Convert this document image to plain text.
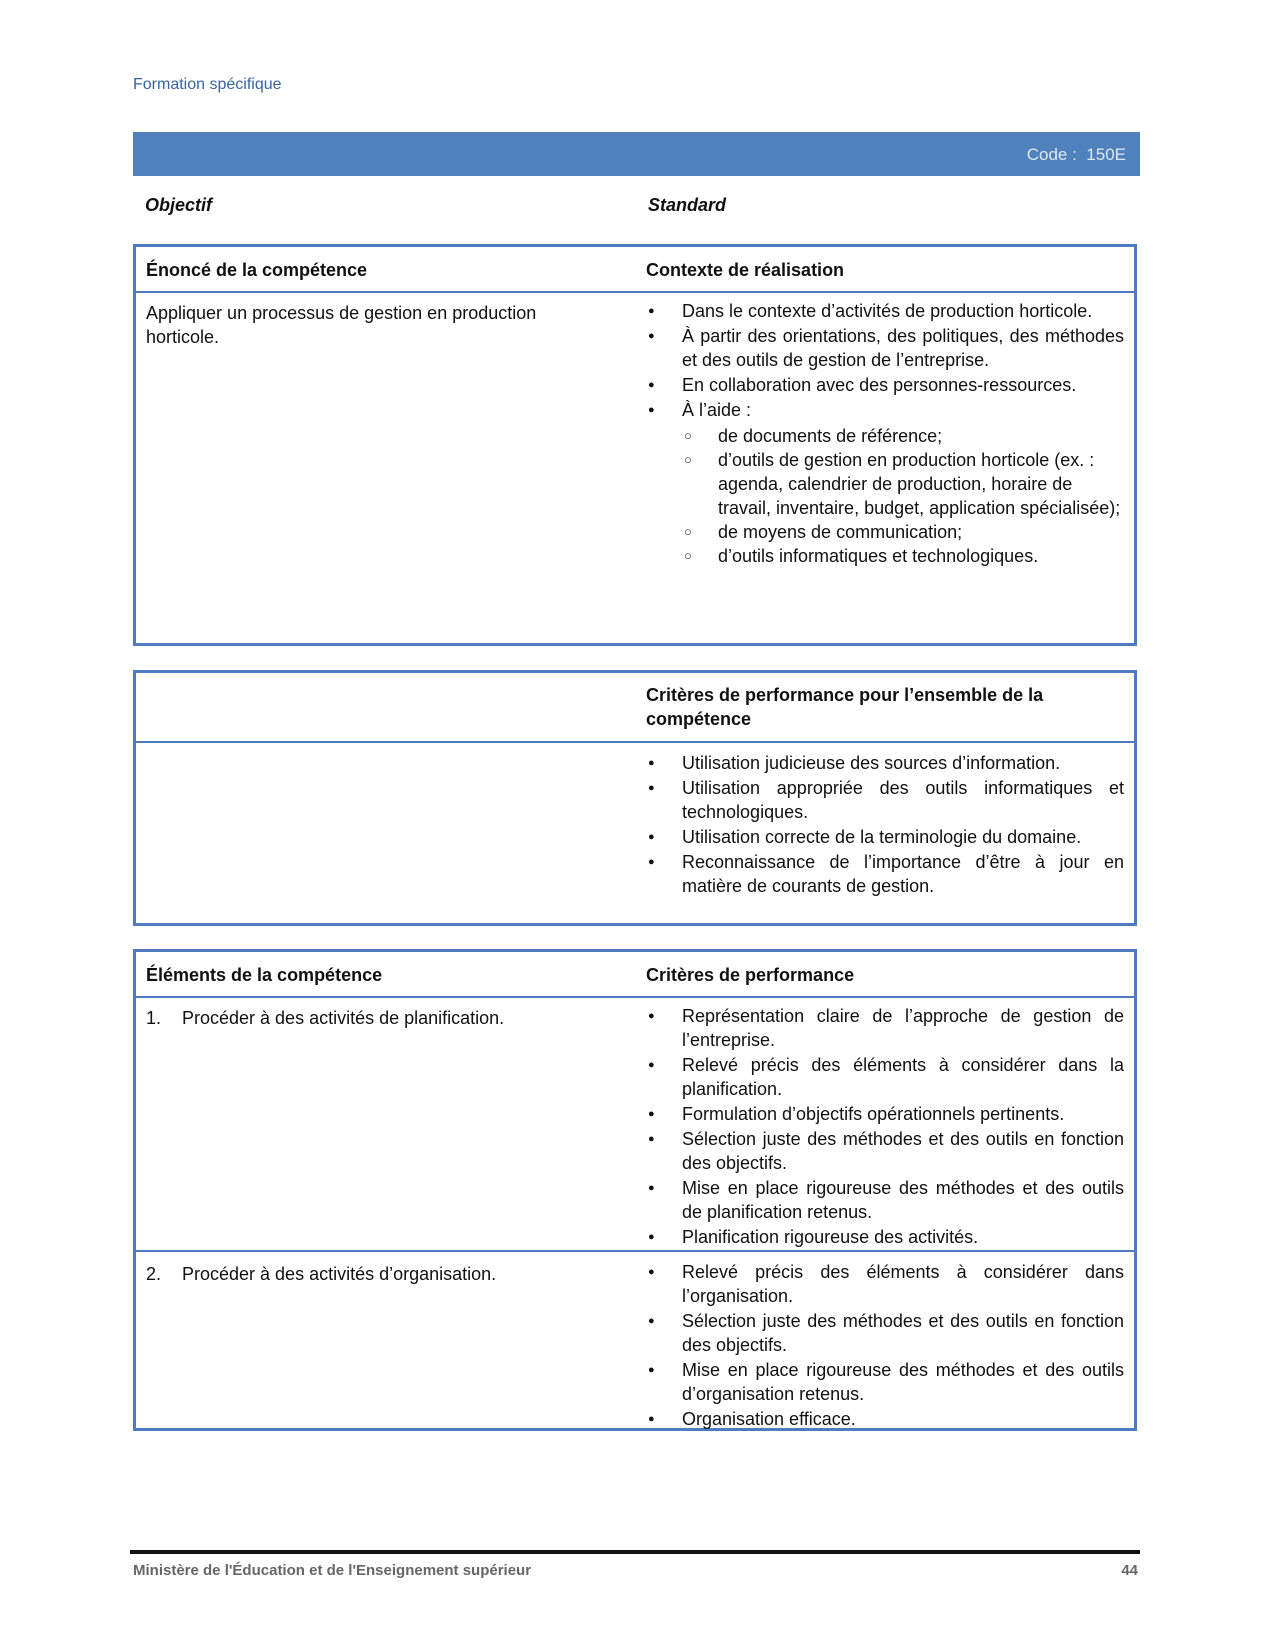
Formation spécifique
Code : 150E
Objectif	Standard
Énoncé de la compétence	Contexte de réalisation
Appliquer un processus de gestion en production horticole.
● Dans le contexte d’activités de production horticole.
● À partir des orientations, des politiques, des méthodes et des outils de gestion de l’entreprise.
● En collaboration avec des personnes-ressources.
● À l’aide :
○ de documents de référence;
○ d’outils de gestion en production horticole (ex. : agenda, calendrier de production, horaire de travail, inventaire, budget, application spécialisée);
○ de moyens de communication;
○ d’outils informatiques et technologiques.
Critères de performance pour l’ensemble de la compétence
● Utilisation judicieuse des sources d’information.
● Utilisation appropriée des outils informatiques et technologiques.
● Utilisation correcte de la terminologie du domaine.
● Reconnaissance de l’importance d’être à jour en matière de courants de gestion.
Éléments de la compétence	Critères de performance
1.	Procéder à des activités de planification.	● Représentation claire de l’approche de gestion de l’entreprise.
● Relevé précis des éléments à considérer dans la planification.
● Formulation d’objectifs opérationnels pertinents.
● Sélection juste des méthodes et des outils en fonction des objectifs.
● Mise en place rigoureuse des méthodes et des outils de planification retenus.
● Planification rigoureuse des activités.
2.	Procéder à des activités d’organisation.	● Relevé précis des éléments à considérer dans l’organisation.
● Sélection juste des méthodes et des outils en fonction des objectifs.
● Mise en place rigoureuse des méthodes et des outils d’organisation retenus.
● Organisation efficace.
Ministère de l'Éducation et de l'Enseignement supérieur	44
